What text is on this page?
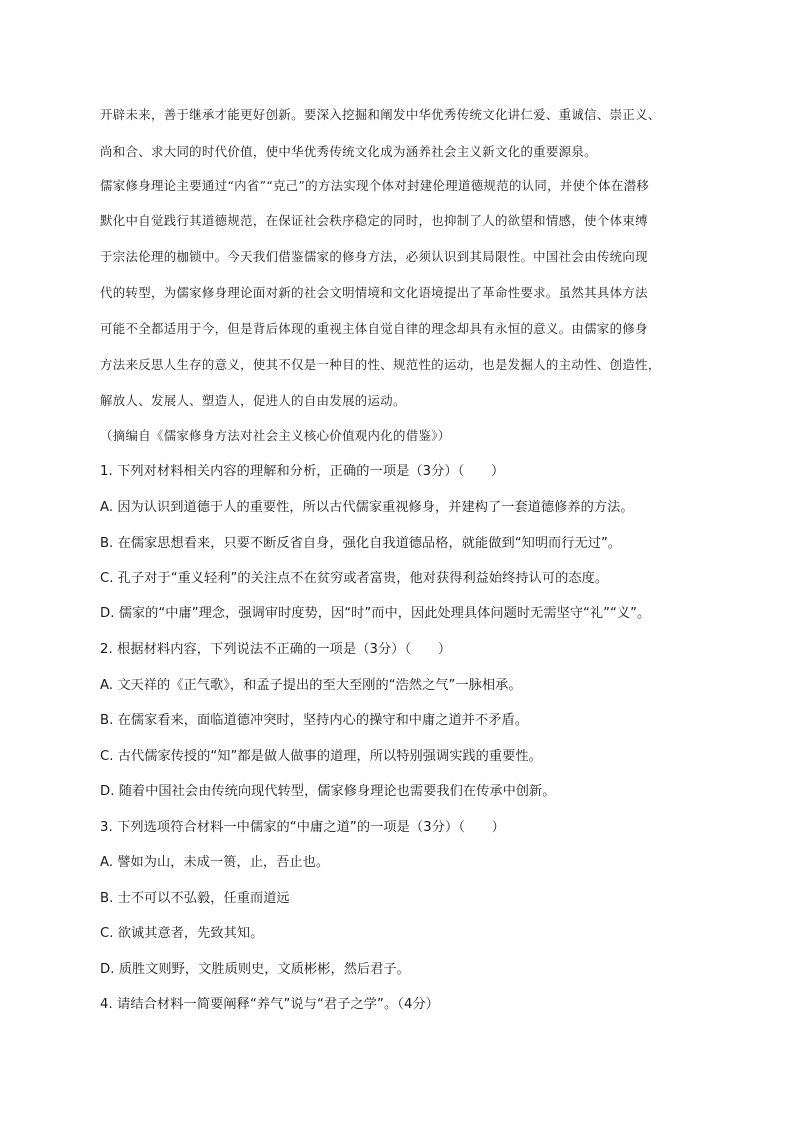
开辟未来，善于继承才能更好创新。要深入挖掘和阐发中华优秀传统文化讲仁爱、重诚信、崇正义、
尚和合、求大同的时代价值，使中华优秀传统文化成为涵养社会主义新文化的重要源泉。
儒家修身理论主要通过“内省”“克己”的方法实现个体对封建伦理道德规范的认同，并使个体在潜移
默化中自觉践行其道德规范，在保证社会秩序稳定的同时，也抑制了人的欲望和情感，使个体束缚
于宗法伦理的枷锁中。今天我们借鉴儒家的修身方法，必须认识到其局限性。中国社会由传统向现
代的转型，为儒家修身理论面对新的社会文明情境和文化语境提出了革命性要求。虽然其具体方法
可能不全都适用于今，但是背后体现的重视主体自觉自律的理念却具有永恒的意义。由儒家的修身
方法来反思人生存的意义，使其不仅是一种目的性、规范性的运动，也是发掘人的主动性、创造性，
解放人、发展人、塑造人，促进人的自由发展的运动。
（摘编自《儒家修身方法对社会主义核心价值观内化的借鉴》）
1. 下列对材料相关内容的理解和分析，正确的一项是（3分）（　　）
A. 因为认识到道德于人的重要性，所以古代儒家重视修身，并建构了一套道德修养的方法。
B. 在儒家思想看来，只要不断反省自身，强化自我道德品格，就能做到“知明而行无过”。
C. 孔子对于“重义轻利”的关注点不在贫穷或者富贵，他对获得利益始终持认可的态度。
D. 儒家的“中庸”理念，强调审时度势，因“时”而中，因此处理具体问题时无需坚守“礼”“义”。
2. 根据材料内容，下列说法不正确的一项是（3分）（　　）
A. 文天祥的《正气歌》，和孟子提出的至大至刚的“浩然之气”一脉相承。
B. 在儒家看来，面临道德冲突时，坚持内心的操守和中庸之道并不矛盾。
C. 古代儒家传授的“知”都是做人做事的道理，所以特别强调实践的重要性。
D. 随着中国社会由传统向现代转型，儒家修身理论也需要我们在传承中创新。
3. 下列选项符合材料一中儒家的“中庸之道”的一项是（3分）（　　）
A. 譬如为山，未成一篑，止，吾止也。
B. 士不可以不弘毅，任重而道远
C. 欲诚其意者，先致其知。
D. 质胜文则野，文胜质则史，文质彬彬，然后君子。
4. 请结合材料一简要阐释“养气”说与“君子之学”。（4分）
